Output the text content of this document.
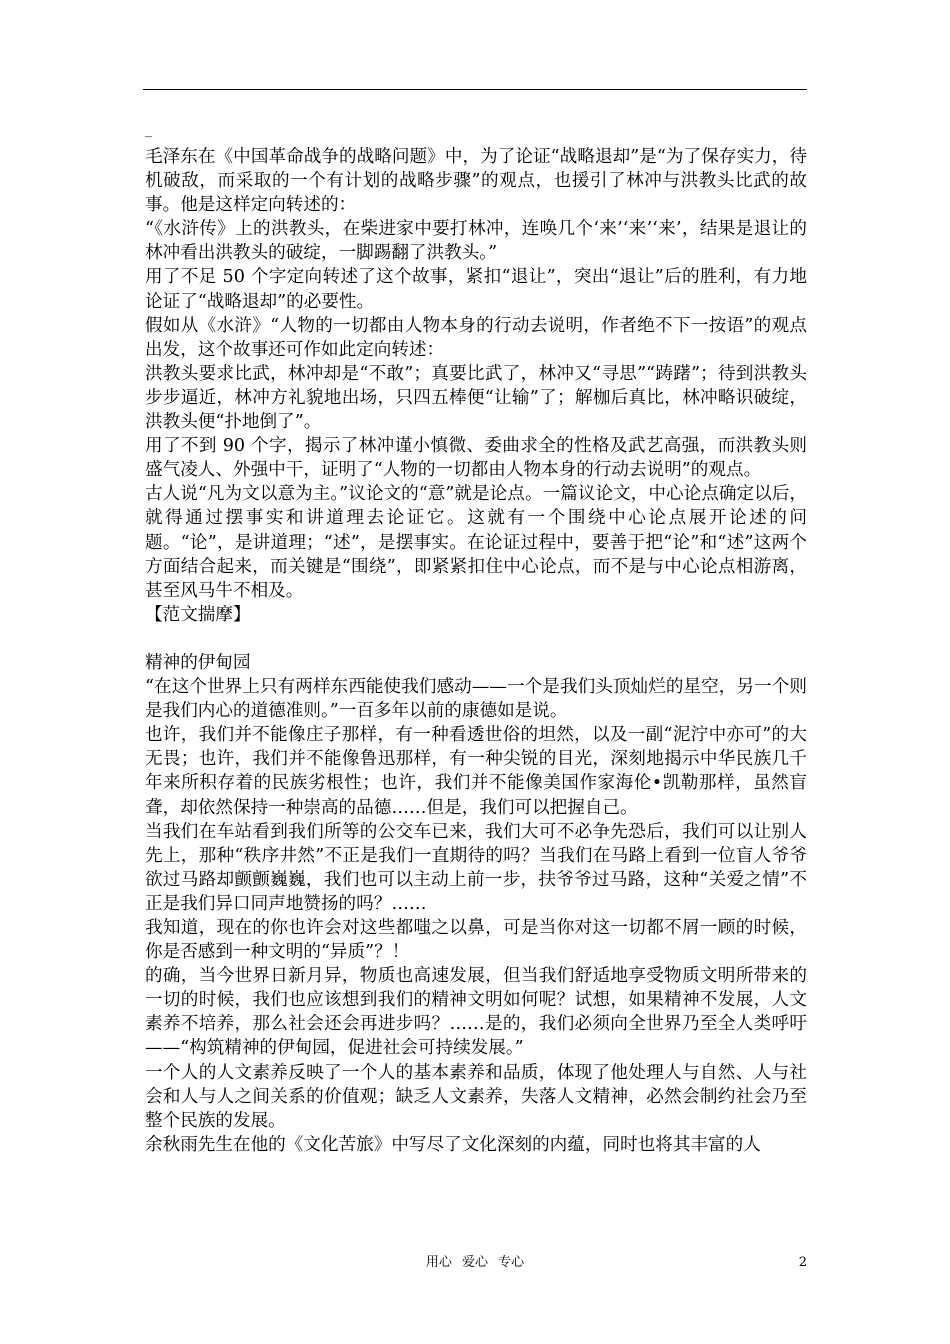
_

毛泽东在《中国革命战争的战略问题》中，为了论证“战略退却”是“为了保存实力，待机破敌，而采取的一个有计划的战略步骤”的观点，也援引了林冲与洪教头比武的故事。他是这样定向转述的：

“《水浒传》上的洪教头，在柴进家中要打林冲，连唤几个‘来’‘来’‘来’，结果是退让的林冲看出洪教头的破绽，一脚踢翻了洪教头。”

用了不足 50 个字定向转述了这个故事，紧扣“退让”，突出“退让”后的胜利，有力地论证了“战略退却”的必要性。

假如从《水浒》“人物的一切都由人物本身的行动去说明，作者绝不下一按语”的观点出发，这个故事还可作如此定向转述：

洪教头要求比武，林冲却是“不敢”；真要比武了，林冲又“寻思”“踌躇”；待到洪教头步步逼近，林冲方礼貌地出场，只四五棒便“让输”了；解枷后真比，林冲略识破绽，洪教头便“扑地倒了”。

用了不到 90 个字，揭示了林冲谨小慎微、委曲求全的性格及武艺高强，而洪教头则盛气凌人、外强中干，证明了“人物的一切都由人物本身的行动去说明”的观点。

古人说“凡为文以意为主。”议论文的“意”就是论点。一篇议论文，中心论点确定以后，就得通过摆事实和讲道理去论证它。这就有一个围绕中心论点展开论述的问题。“论”，是讲道理；“述”，是摆事实。在论证过程中，要善于把“论”和“述”这两个方面结合起来，而关键是“围绕”，即紧紧扣住中心论点，而不是与中心论点相游离，甚至风马牛不相及。

【范文揣摩】

精神的伊甸园

“在这个世界上只有两样东西能使我们感动——一个是我们头顶灿烂的星空，另一个则是我们内心的道德准则。”一百多年以前的康德如是说。

也许，我们并不能像庄子那样，有一种看透世俗的坦然，以及一副“泥泞中亦可”的大无畏；也许，我们并不能像鲁迅那样，有一种尖锐的目光，深刻地揭示中华民族几千年来所积存着的民族劣根性；也许，我们并不能像美国作家海伦•凯勒那样，虽然盲聋，却依然保持一种崇高的品德……但是，我们可以把握自己。

当我们在车站看到我们所等的公交车已来，我们大可不必争先恐后，我们可以让别人先上，那种“秩序井然”不正是我们一直期待的吗？当我们在马路上看到一位盲人爷爷欲过马路却颤颤巍巍，我们也可以主动上前一步，扶爷爷过马路，这种“关爱之情”不正是我们异口同声地赞扬的吗？……

我知道，现在的你也许会对这些都嗤之以鼻，可是当你对这一切都不屑一顾的时候，你是否感到一种文明的“异质”？！

的确，当今世界日新月异，物质也高速发展，但当我们舒适地享受物质文明所带来的一切的时候，我们也应该想到我们的精神文明如何呢？试想，如果精神不发展，人文素养不培养，那么社会还会再进步吗？……是的，我们必须向全世界乃至全人类呼吁——“构筑精神的伊甸园，促进社会可持续发展。”

一个人的人文素养反映了一个人的基本素养和品质，体现了他处理人与自然、人与社会和人与人之间关系的价值观；缺乏人文素养，失落人文精神，必然会制约社会乃至整个民族的发展。

余秋雨先生在他的《文化苦旅》中写尽了文化深刻的内蕴，同时也将其丰富的人

用心 爱心 专心	2
